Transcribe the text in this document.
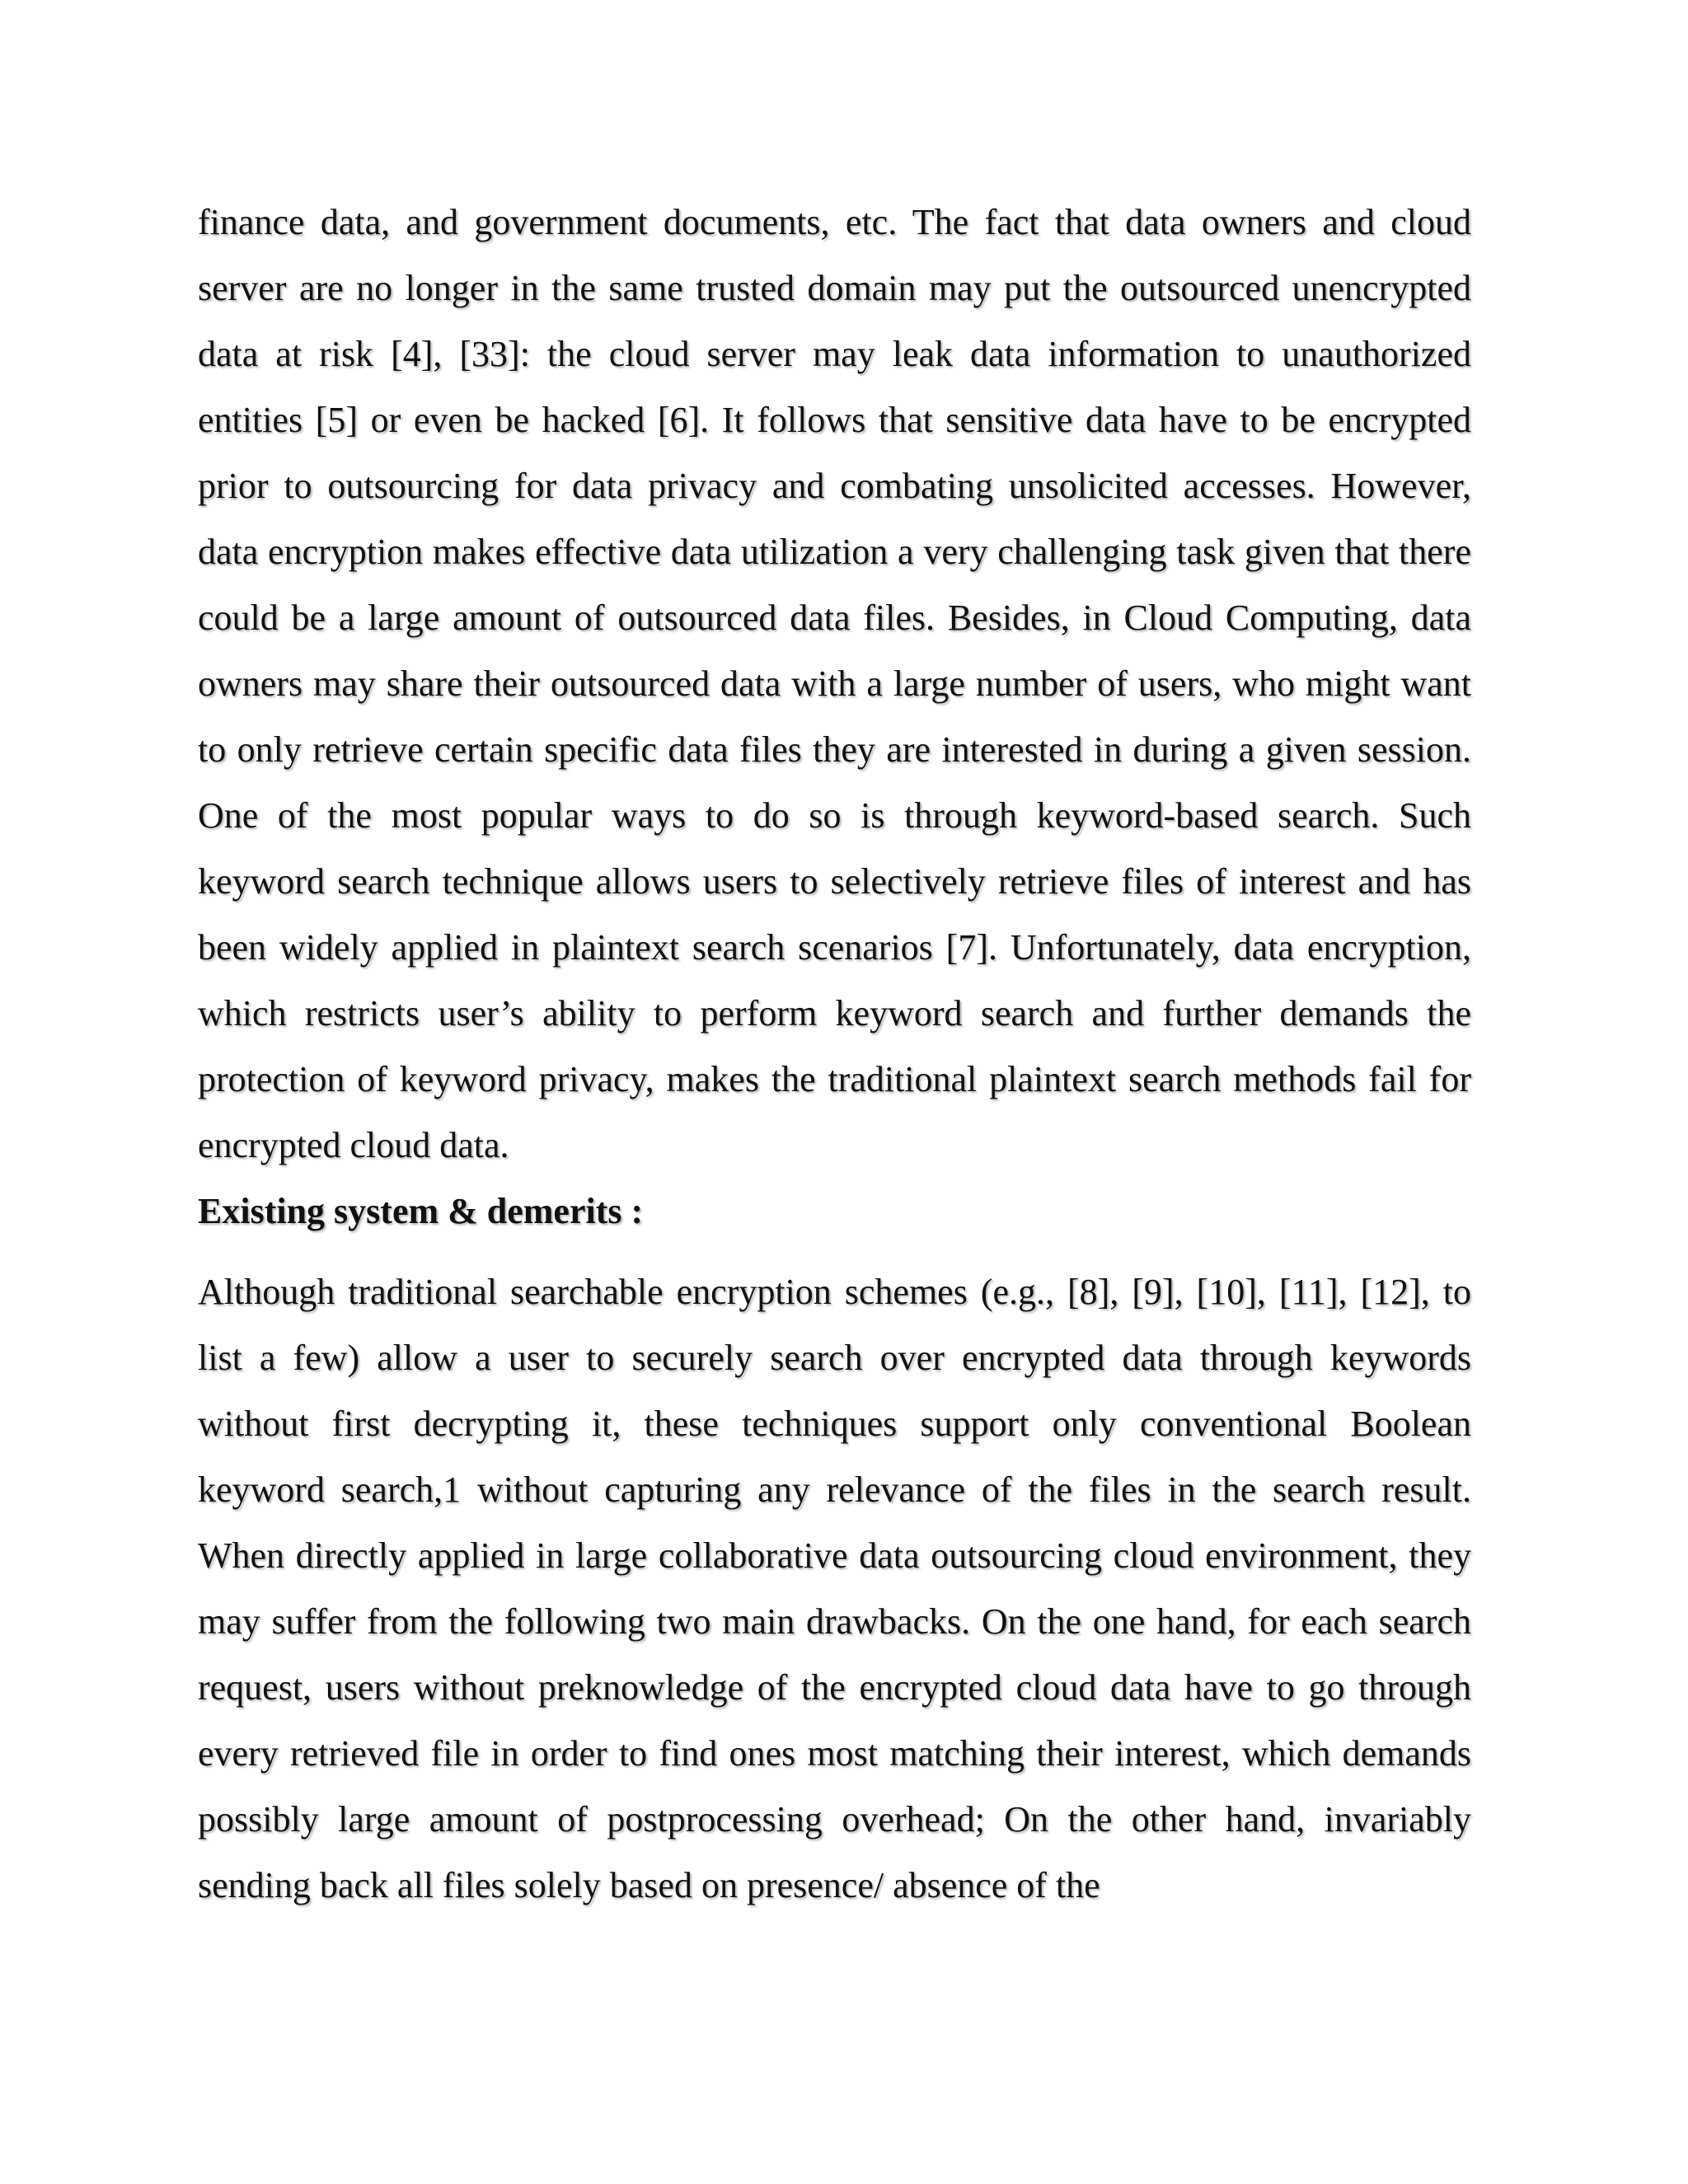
finance data, and government documents, etc. The fact that data owners and cloud server are no longer in the same trusted domain may put the outsourced unencrypted data at risk [4], [33]: the cloud server may leak data information to unauthorized entities [5] or even be hacked [6]. It follows that sensitive data have to be encrypted prior to outsourcing for data privacy and combating unsolicited accesses. However, data encryption makes effective data utilization a very challenging task given that there could be a large amount of outsourced data files. Besides, in Cloud Computing, data owners may share their outsourced data with a large number of users, who might want to only retrieve certain specific data files they are interested in during a given session. One of the most popular ways to do so is through keyword-based search. Such keyword search technique allows users to selectively retrieve files of interest and has been widely applied in plaintext search scenarios [7]. Unfortunately, data encryption, which restricts user’s ability to perform keyword search and further demands the protection of keyword privacy, makes the traditional plaintext search methods fail for encrypted cloud data.

Existing system & demerits :

Although traditional searchable encryption schemes (e.g., [8], [9], [10], [11], [12], to list a few) allow a user to securely search over encrypted data through keywords without first decrypting it, these techniques support only conventional Boolean keyword search,1 without capturing any relevance of the files in the search result. When directly applied in large collaborative data outsourcing cloud environment, they may suffer from the following two main drawbacks. On the one hand, for each search request, users without preknowledge of the encrypted cloud data have to go through every retrieved file in order to find ones most matching their interest, which demands possibly large amount of postprocessing overhead; On the other hand, invariably sending back all files solely based on presence/ absence of the
